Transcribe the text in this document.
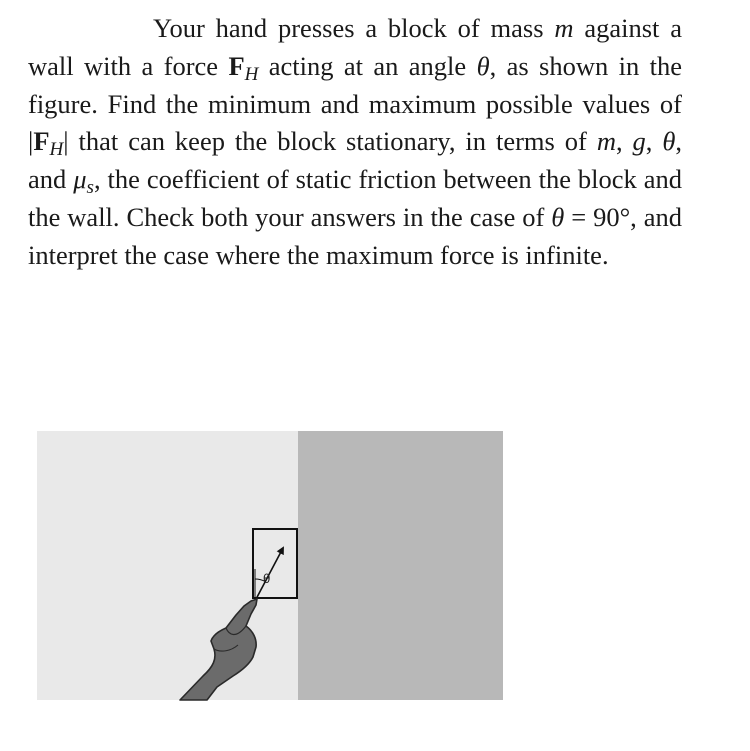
Your hand presses a block of mass m against a wall with a force $F_H$ acting at an angle θ, as shown in the figure. Find the minimum and maximum possible values of $|F_H|$ that can keep the block stationary, in terms of m, g, θ, and $\mu_s$, the coefficient of static friction between the block and the wall. Check both your answers in the case of θ = 90°, and interpret the case where the maximum force is infinite.

θ
